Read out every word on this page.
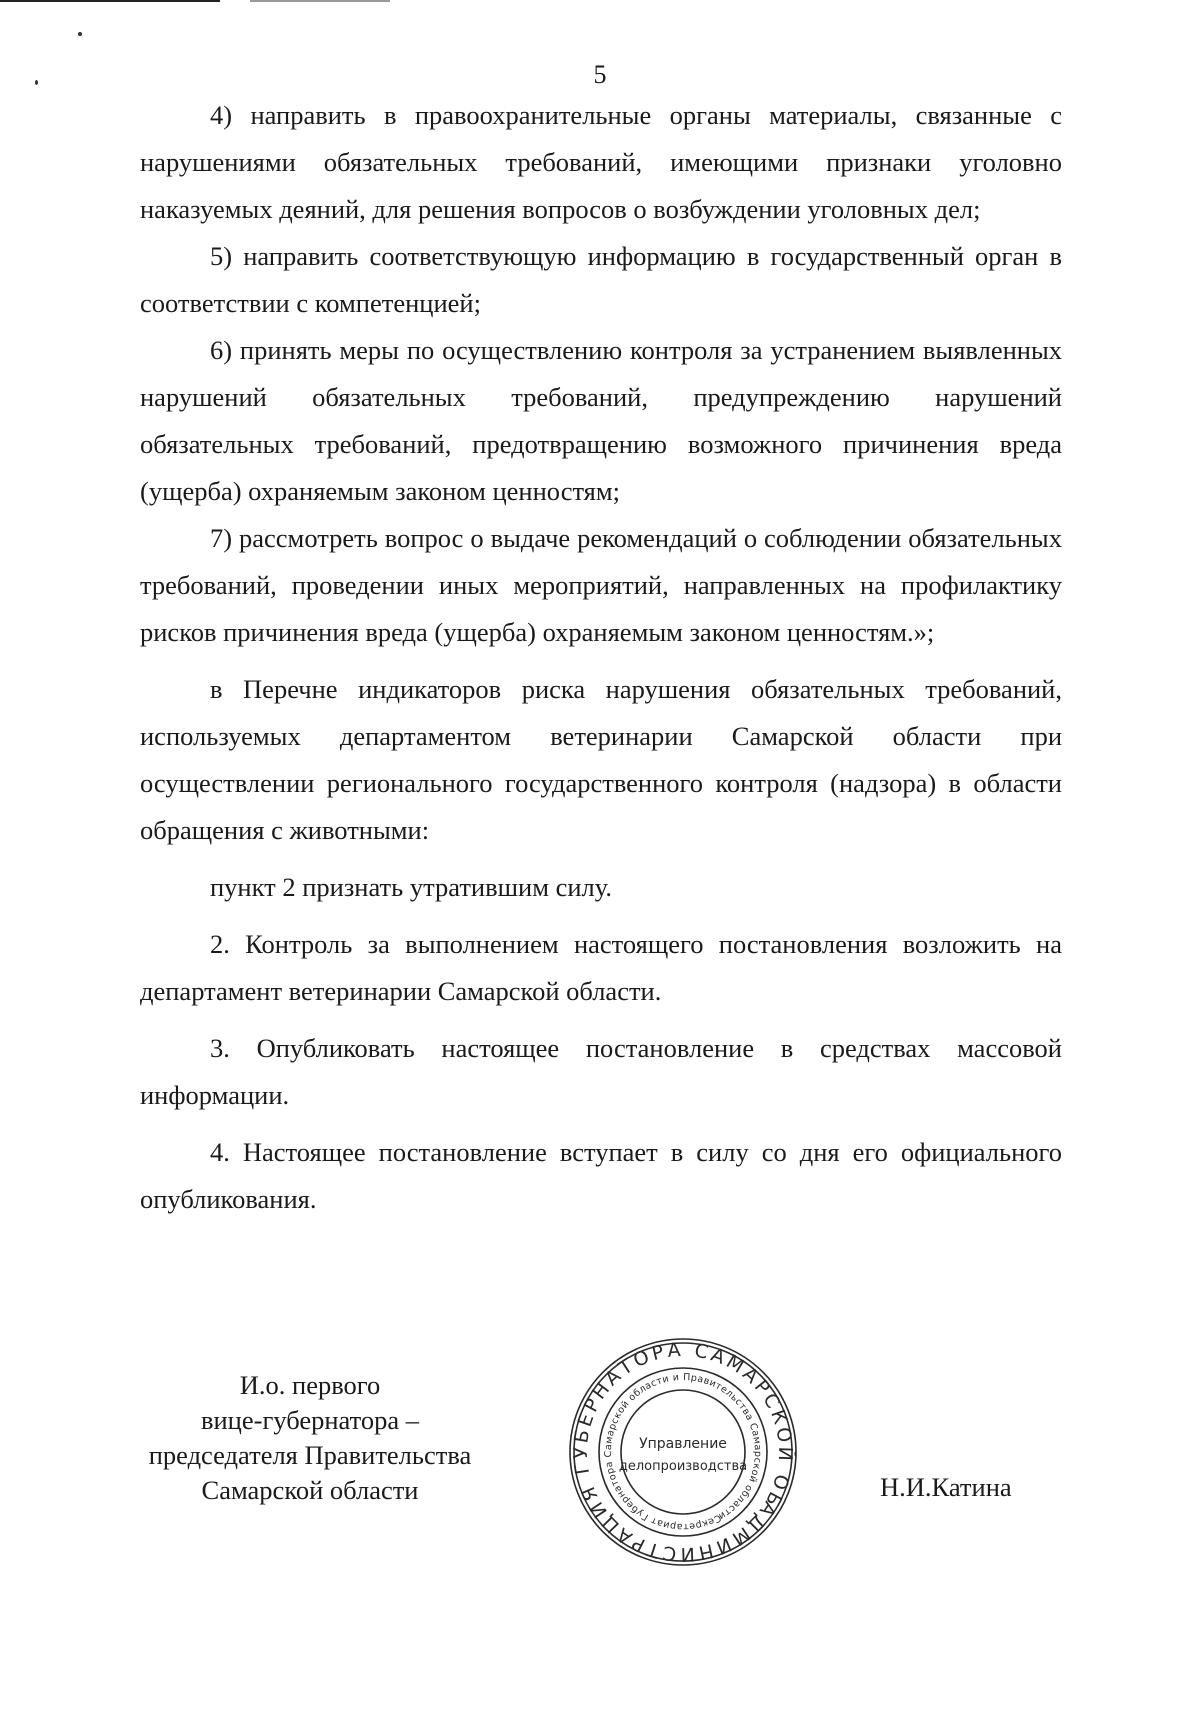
5

4) направить в правоохранительные органы материалы, связанные с нарушениями обязательных требований, имеющими признаки уголовно наказуемых деяний, для решения вопросов о возбуждении уголовных дел;

5) направить соответствующую информацию в государственный орган в соответствии с компетенцией;

6) принять меры по осуществлению контроля за устранением выявленных нарушений обязательных требований, предупреждению нарушений обязательных требований, предотвращению возможного причинения вреда (ущерба) охраняемым законом ценностям;

7) рассмотреть вопрос о выдаче рекомендаций о соблюдении обязательных требований, проведении иных мероприятий, направленных на профилактику рисков причинения вреда (ущерба) охраняемым законом ценностям.»;

в Перечне индикаторов риска нарушения обязательных требований, используемых департаментом ветеринарии Самарской области при осуществлении регионального государственного контроля (надзора) в области обращения с животными:

пункт 2 признать утратившим силу.

2. Контроль за выполнением настоящего постановления возложить на департамент ветеринарии Самарской области.

3. Опубликовать настоящее постановление в средствах массовой информации.

4. Настоящее постановление вступает в силу со дня его официального опубликования.

И.о. первого
вице-губернатора –
председателя Правительства
Самарской области
АДМИНИСТРАЦИЯ ГУБЕРНАТОРА САМАРСКОЙ ОБЛАСТИ
Секретариат Губернатора Самарской области и Правительства Самарской области
Управление
делопроизводства
Н.И.Катина
